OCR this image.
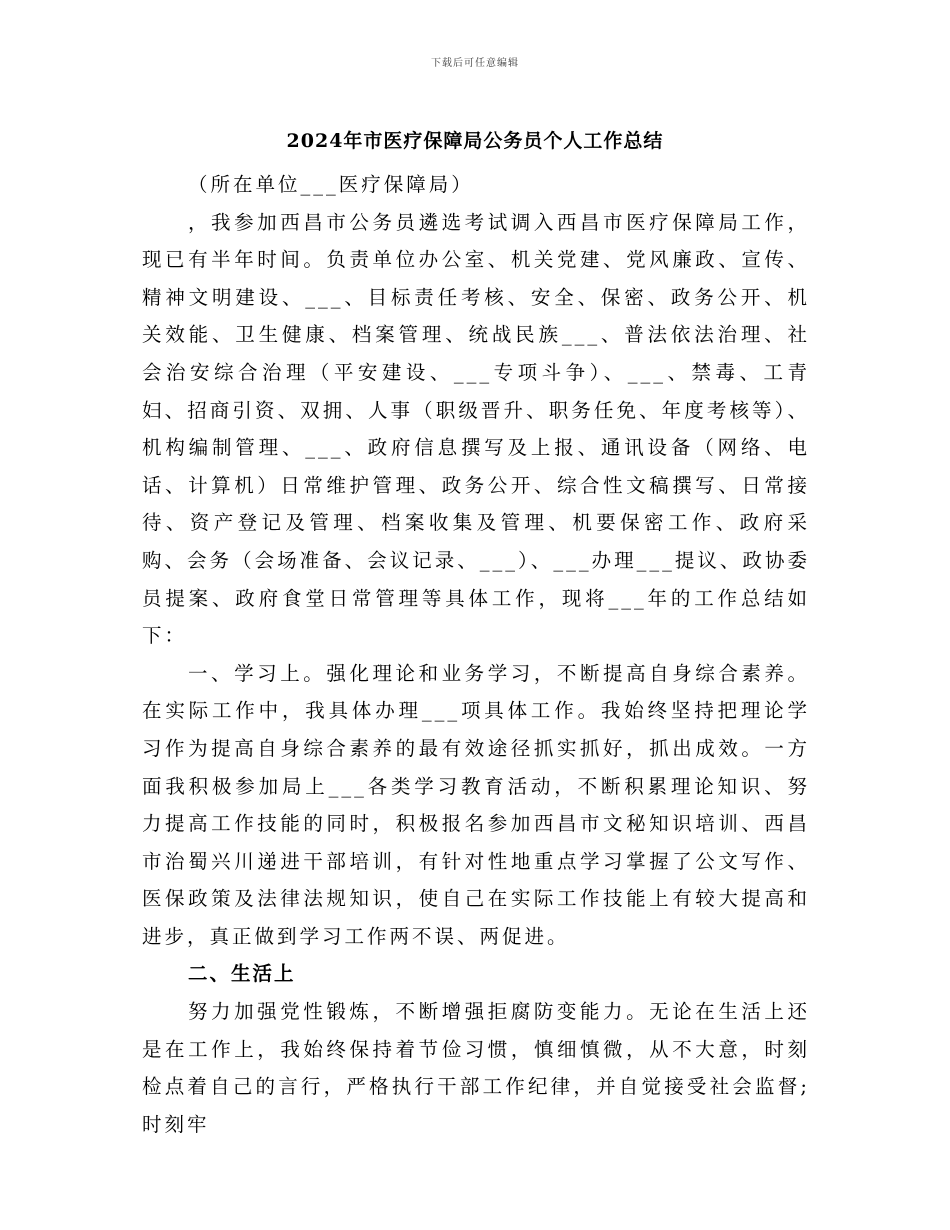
下载后可任意编辑
2024年市医疗保障局公务员个人工作总结

（所在单位___医疗保障局）

，我参加西昌市公务员遴选考试调入西昌市医疗保障局工作，现已有半年时间。负责单位办公室、机关党建、党风廉政、宣传、精神文明建设、___、目标责任考核、安全、保密、政务公开、机关效能、卫生健康、档案管理、统战民族___、普法依法治理、社会治安综合治理（平安建设、___专项斗争）、___、禁毒、工青妇、招商引资、双拥、人事（职级晋升、职务任免、年度考核等）、机构编制管理、___、政府信息撰写及上报、通讯设备（网络、电话、计算机）日常维护管理、政务公开、综合性文稿撰写、日常接待、资产登记及管理、档案收集及管理、机要保密工作、政府采购、会务（会场准备、会议记录、___）、___办理___提议、政协委员提案、政府食堂日常管理等具体工作，现将___年的工作总结如下：

一、学习上。强化理论和业务学习，不断提高自身综合素养。在实际工作中，我具体办理___项具体工作。我始终坚持把理论学习作为提高自身综合素养的最有效途径抓实抓好，抓出成效。一方面我积极参加局上___各类学习教育活动，不断积累理论知识、努力提高工作技能的同时，积极报名参加西昌市文秘知识培训、西昌市治蜀兴川递进干部培训，有针对性地重点学习掌握了公文写作、医保政策及法律法规知识，使自己在实际工作技能上有较大提高和进步，真正做到学习工作两不误、两促进。

二、生活上

努力加强党性锻炼，不断增强拒腐防变能力。无论在生活上还是在工作上，我始终保持着节俭习惯，慎细慎微，从不大意，时刻检点着自己的言行，严格执行干部工作纪律，并自觉接受社会监督;时刻牢
